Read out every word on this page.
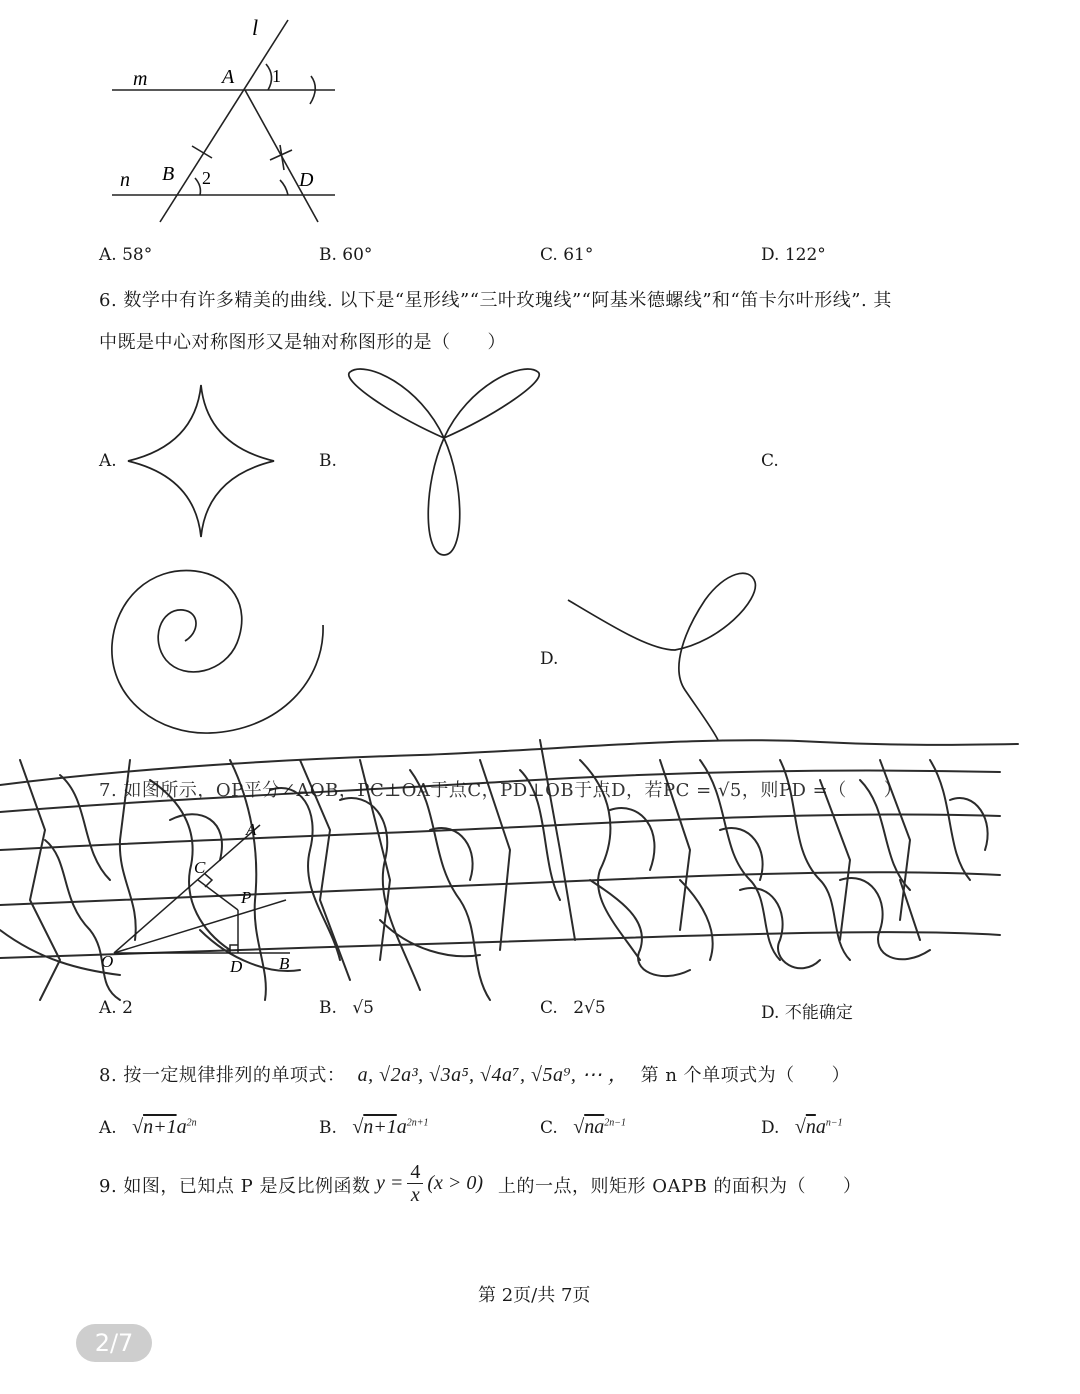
l
m	A 1
n B 2	D
A. 58°	B. 60°	C. 61°	D. 122°
6. 数学中有许多精美的曲线. 以下是“星形线”“三叶玫瑰线”“阿基米德螺线”和“笛卡尔叶形线”. 其
中既是中心对称图形又是轴对称图形的是（　　）
A.	B.	C.
D.
7. 如图所示，OP平分∠AOB，PC⊥OA于点C，PD⊥OB于点D，若PC = √5，则PD =（　　）
A
C
P
O	D B
A. 2	B. √5	C. 2√5	D. 不能确定
8. 按一定规律排列的单项式： a, √2a³, √3a⁵, √4a⁷, √5a⁹, ⋯ ， 第 n 个单项式为（　　）
A. $√n+1a^{2n}$	B. $√n+1a^{2n+1}$	C. $√na^{2n-1}$	D. $√na^{n-1}$
9. 如图，已知点 P 是反比例函数 $y = \frac{4}{x} (x > 0)$ 上的一点，则矩形 OAPB 的面积为（　　）
第 2页/共 7页
2/7
